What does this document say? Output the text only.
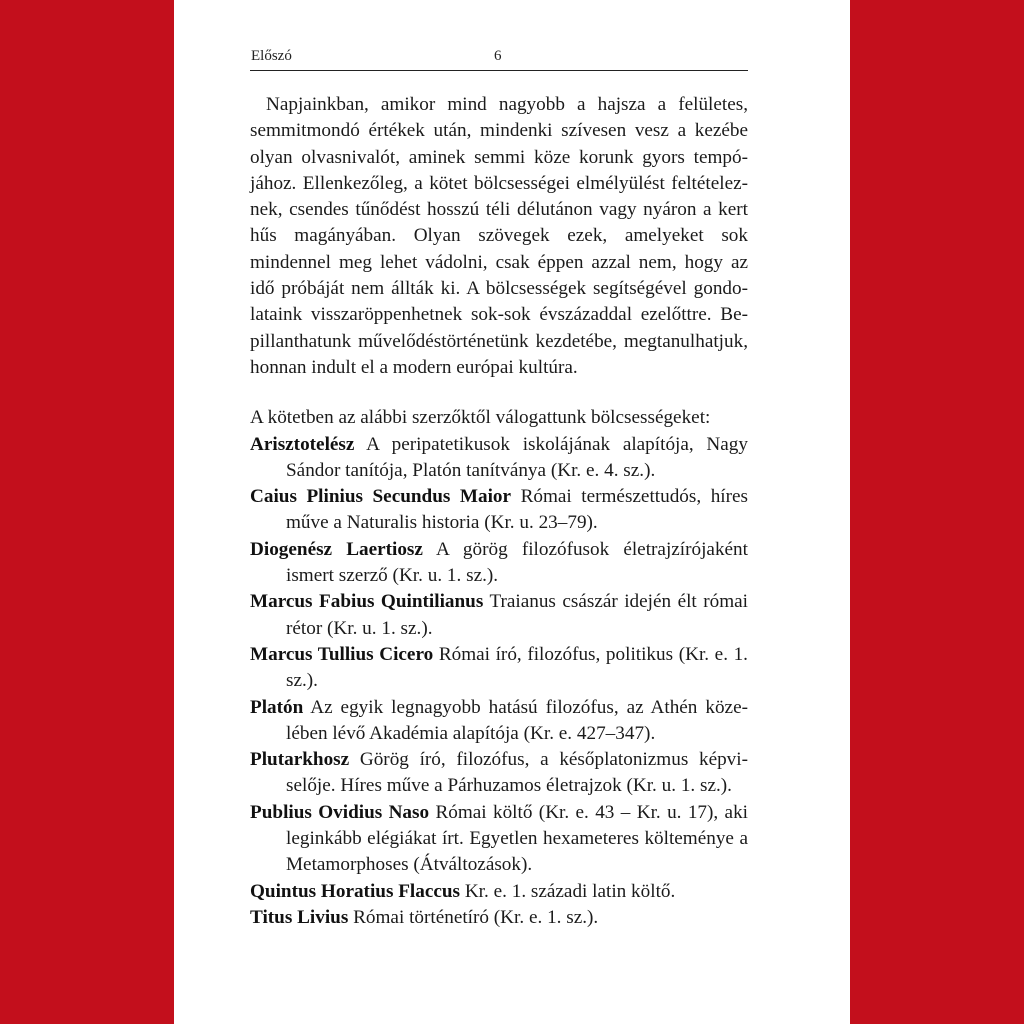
Előszó	6

Napjainkban, amikor mind nagyobb a hajsza a felületes, semmitmondó értékek után, mindenki szívesen vesz a kezébe olyan olvasnivalót, aminek semmi köze korunk gyors tempójához. Ellenkezőleg, a kötet bölcsességei elmélyülést feltételeznek, csendes tűnődést hosszú téli délutánon vagy nyáron a kert hűs magányában. Olyan szövegek ezek, amelyeket sok mindennel meg lehet vádolni, csak éppen azzal nem, hogy az idő próbáját nem állták ki. A bölcsességek segítségével gondolataink visszaröppenhetnek sok-sok évszázaddal ezelőttre. Bepillanthatunk művelődéstörténetünk kezdetébe, megtanulhatjuk, honnan indult el a modern európai kultúra.

A kötetben az alábbi szerzőktől válogattunk bölcsességeket:

Arisztotelész A peripatetikusok iskolájának alapítója, Nagy Sándor tanítója, Platón tanítványa (Kr. e. 4. sz.).
Caius Plinius Secundus Maior Római természettudós, híres műve a Naturalis historia (Kr. u. 23–79).
Diogenész Laertiosz A görög filozófusok életrajzírójaként ismert szerző (Kr. u. 1. sz.).
Marcus Fabius Quintilianus Traianus császár idején élt római rétor (Kr. u. 1. sz.).
Marcus Tullius Cicero Római író, filozófus, politikus (Kr. e. 1. sz.).
Platón Az egyik legnagyobb hatású filozófus, az Athén közelében lévő Akadémia alapítója (Kr. e. 427–347).
Plutarkhosz Görög író, filozófus, a későplatonizmus képviselője. Híres műve a Párhuzamos életrajzok (Kr. u. 1. sz.).
Publius Ovidius Naso Római költő (Kr. e. 43 – Kr. u. 17), aki leginkább elégiákat írt. Egyetlen hexameteres költeménye a Metamorphoses (Átváltozások).
Quintus Horatius Flaccus Kr. e. 1. századi latin költő.
Titus Livius Római történetíró (Kr. e. 1. sz.).
